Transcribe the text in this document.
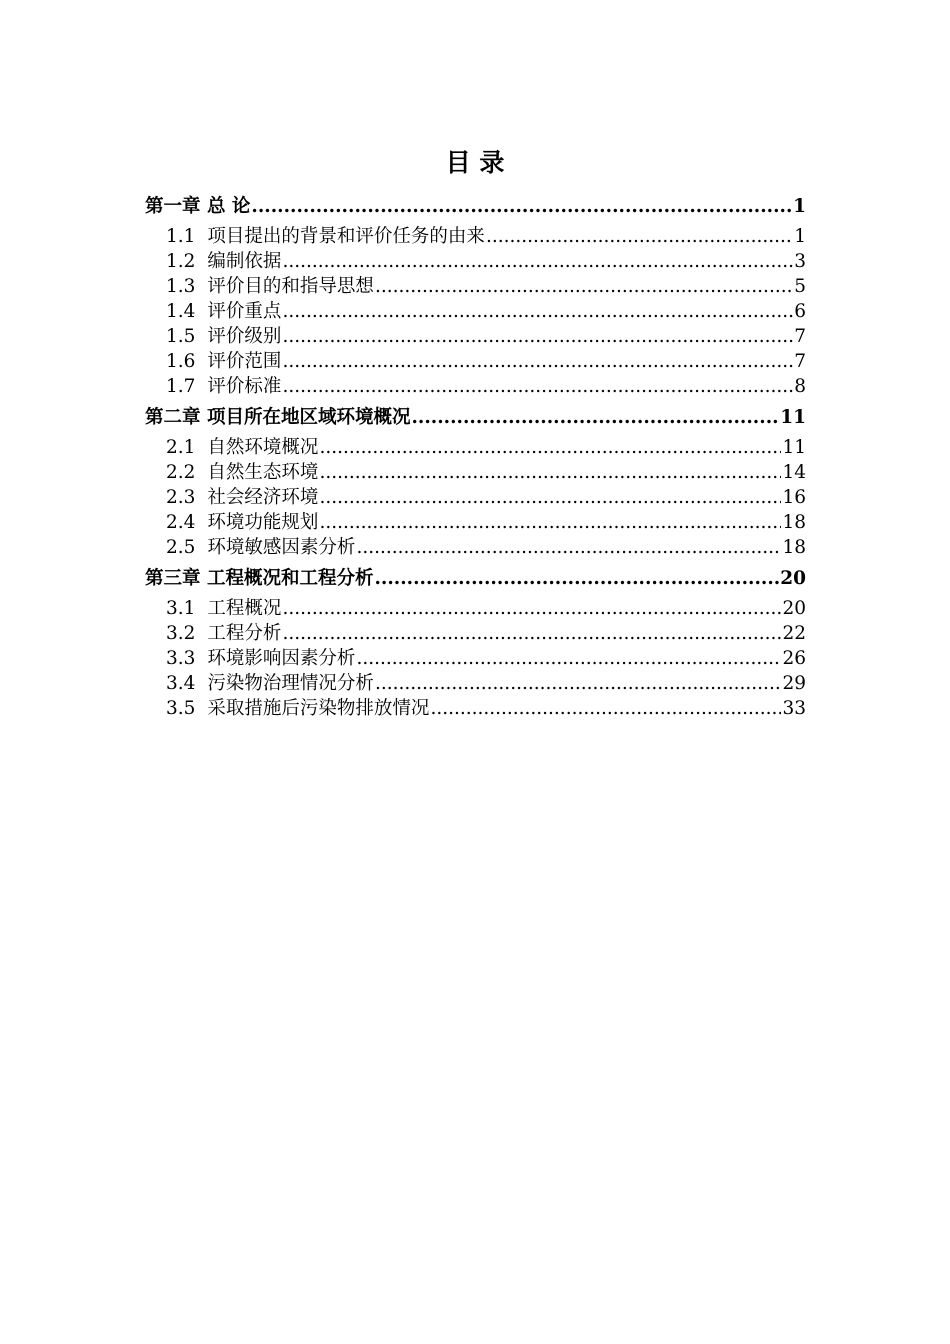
目 录
第一章 总 论 .....	1
1.1 项目提出的背景和评价任务的由来 .....	1
1.2 编制依据 .....	3
1.3 评价目的和指导思想 .....	5
1.4 评价重点 .....	6
1.5 评价级别 .....	7
1.6 评价范围 .....	7
1.7 评价标准 .....	8
第二章 项目所在地区域环境概况 .....	11
2.1 自然环境概况 .....	11
2.2 自然生态环境 .....	14
2.3 社会经济环境 .....	16
2.4 环境功能规划 .....	18
2.5 环境敏感因素分析 .....	18
第三章 工程概况和工程分析 .....	20
3.1 工程概况 .....	20
3.2 工程分析 .....	22
3.3 环境影响因素分析 .....	26
3.4 污染物治理情况分析 .....	29
3.5 采取措施后污染物排放情况 .....	33
